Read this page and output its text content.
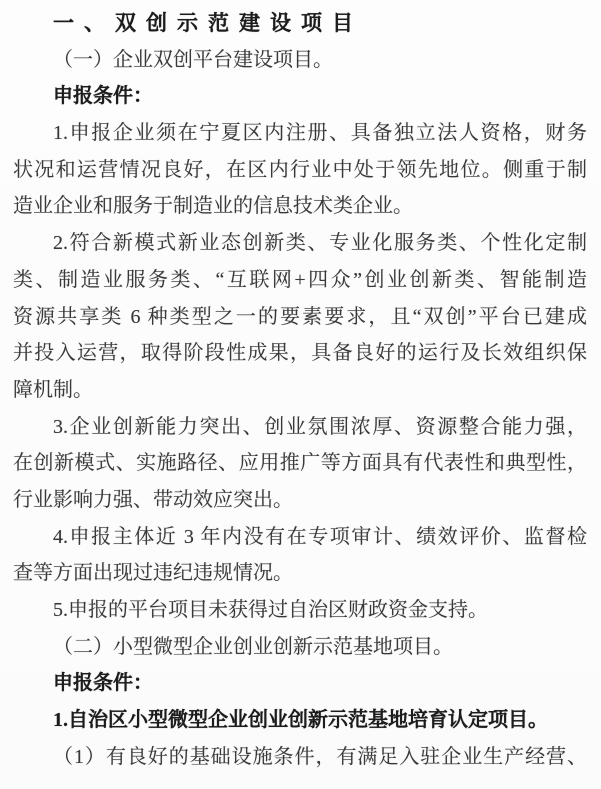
一、双创示范建设项目
（一）企业双创平台建设项目。
申报条件：
1.申报企业须在宁夏区内注册、具备独立法人资格，财务
状况和运营情况良好，在区内行业中处于领先地位。侧重于制
造业企业和服务于制造业的信息技术类企业。
2.符合新模式新业态创新类、专业化服务类、个性化定制
类、制造业服务类、“互联网+四众”创业创新类、智能制造
资源共享类 6 种类型之一的要素要求，且“双创”平台已建成
并投入运营，取得阶段性成果，具备良好的运行及长效组织保
障机制。
3.企业创新能力突出、创业氛围浓厚、资源整合能力强，
在创新模式、实施路径、应用推广等方面具有代表性和典型性，
行业影响力强、带动效应突出。
4.申报主体近 3 年内没有在专项审计、绩效评价、监督检
查等方面出现过违纪违规情况。
5.申报的平台项目未获得过自治区财政资金支持。
（二）小型微型企业创业创新示范基地项目。
申报条件：
1.自治区小型微型企业创业创新示范基地培育认定项目。
（1）有良好的基础设施条件，有满足入驻企业生产经营、
